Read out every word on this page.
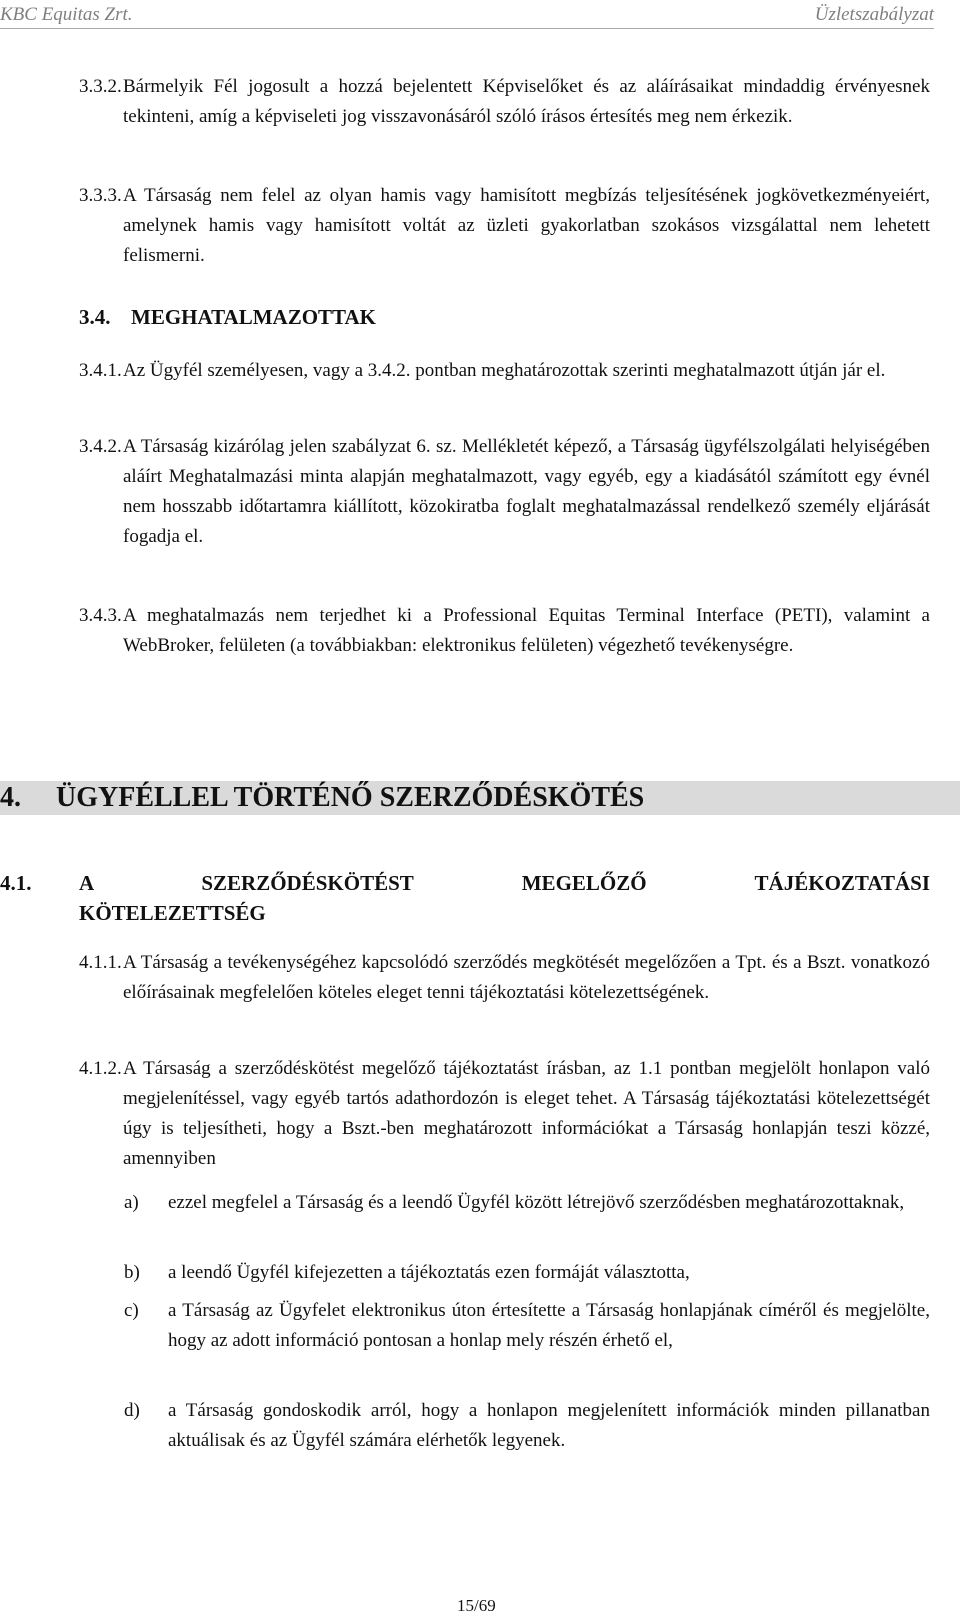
KBC Equitas Zrt.	Üzletszabályzat
3.3.2. Bármelyik Fél jogosult a hozzá bejelentett Képviselőket és az aláírásaikat mindaddig érvényesnek tekinteni, amíg a képviseleti jog visszavonásáról szóló írásos értesítés meg nem érkezik.
3.3.3. A Társaság nem felel az olyan hamis vagy hamisított megbízás teljesítésének jogkövetkezményeiért, amelynek hamis vagy hamisított voltát az üzleti gyakorlatban szokásos vizsgálattal nem lehetett felismerni.
3.4. MEGHATALMAZOTTAK
3.4.1. Az Ügyfél személyesen, vagy a 3.4.2. pontban meghatározottak szerinti meghatalmazott útján jár el.
3.4.2. A Társaság kizárólag jelen szabályzat 6. sz. Mellékletét képező, a Társaság ügyfélszolgálati helyiségében aláírt Meghatalmazási minta alapján meghatalmazott, vagy egyéb, egy a kiadásától számított egy évnél nem hosszabb időtartamra kiállított, közokiratba foglalt meghatalmazással rendelkező személy eljárását fogadja el.
3.4.3. A meghatalmazás nem terjedhet ki a Professional Equitas Terminal Interface (PETI), valamint a WebBroker, felületen (a továbbiakban: elektronikus felületen) végezhető tevékenységre.
4. ÜGYFÉLLEL TÖRTÉNŐ SZERZŐDÉSKÖTÉS
4.1. A SZERZŐDÉSKÖTÉST MEGELŐZŐ TÁJÉKOZTATÁSI
KÖTELEZETTSÉG
4.1.1. A Társaság a tevékenységéhez kapcsolódó szerződés megkötését megelőzően a Tpt. és a Bszt. vonatkozó előírásainak megfelelően köteles eleget tenni tájékoztatási kötelezettségének.
4.1.2. A Társaság a szerződéskötést megelőző tájékoztatást írásban, az 1.1 pontban megjelölt honlapon való megjelenítéssel, vagy egyéb tartós adathordozón is eleget tehet. A Társaság tájékoztatási kötelezettségét úgy is teljesítheti, hogy a Bszt.-ben meghatározott információkat a Társaság honlapján teszi közzé, amennyiben
a)	ezzel megfelel a Társaság és a leendő Ügyfél között létrejövő szerződésben meghatározottaknak,
b)	a leendő Ügyfél kifejezetten a tájékoztatás ezen formáját választotta,
c)	a Társaság az Ügyfelet elektronikus úton értesítette a Társaság honlapjának címéről és megjelölte, hogy az adott információ pontosan a honlap mely részén érhető el,
d)	a Társaság gondoskodik arról, hogy a honlapon megjelenített információk minden pillanatban aktuálisak és az Ügyfél számára elérhetők legyenek.
15/69
